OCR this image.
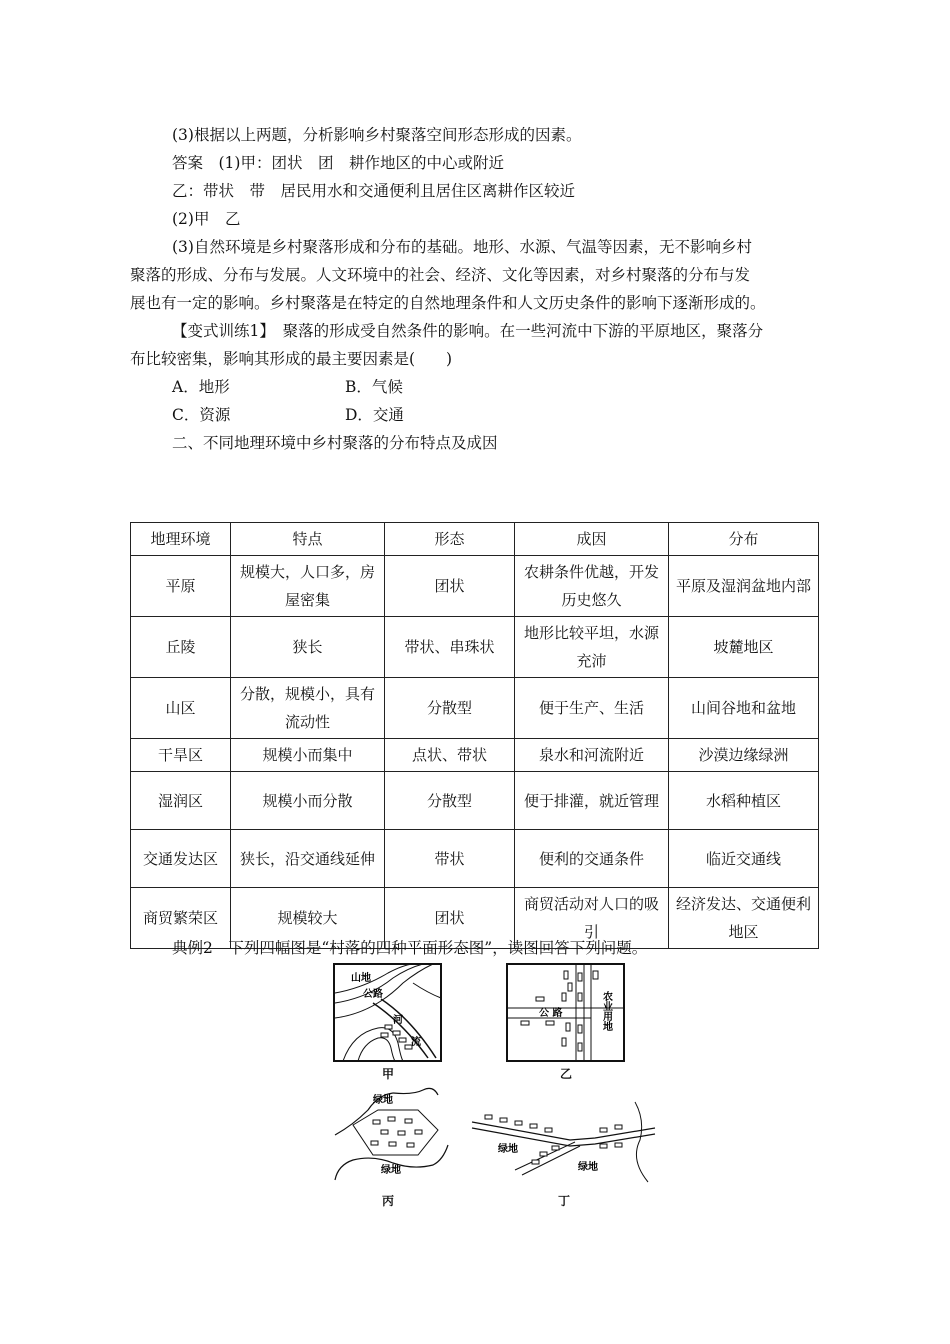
(3)根据以上两题，分析影响乡村聚落空间形态形成的因素。
答案　(1)甲：团状　团　耕作地区的中心或附近
乙：带状　带　居民用水和交通便利且居住区离耕作区较近
(2)甲　乙
(3)自然环境是乡村聚落形成和分布的基础。地形、水源、气温等因素，无不影响乡村
聚落的形成、分布与发展。人文环境中的社会、经济、文化等因素，对乡村聚落的分布与发
展也有一定的影响。乡村聚落是在特定的自然地理条件和人文历史条件的影响下逐渐形成的。
【变式训练1】　聚落的形成受自然条件的影响。在一些河流中下游的平原地区，聚落分
布比较密集，影响其形成的最主要因素是(　　)
A．地形	B．气候
C．资源	D．交通
二、不同地理环境中乡村聚落的分布特点及成因
地理环境	特点	形态	成因	分布
平原	规模大，人口多，房屋密集	团状	农耕条件优越，开发历史悠久	平原及湿润盆地内部
丘陵	狭长	带状、串珠状	地形比较平坦，水源充沛	坡麓地区
山区	分散，规模小，具有流动性	分散型	便于生产、生活	山间谷地和盆地
干旱区	规模小而集中	点状、带状	泉水和河流附近	沙漠边缘绿洲
湿润区	规模小而分散	分散型	便于排灌，就近管理	水稻种植区
交通发达区	狭长，沿交通线延伸	带状	便利的交通条件	临近交通线
商贸繁荣区	规模较大	团状	商贸活动对人口的吸引	经济发达、交通便利地区
典例2　下列四幅图是“村落的四种平面形态图”，读图回答下列问题。
山地
公路
河
流
甲
公 路	农业用地
乙
绿地
绿地
丙
绿地
绿地
丁
